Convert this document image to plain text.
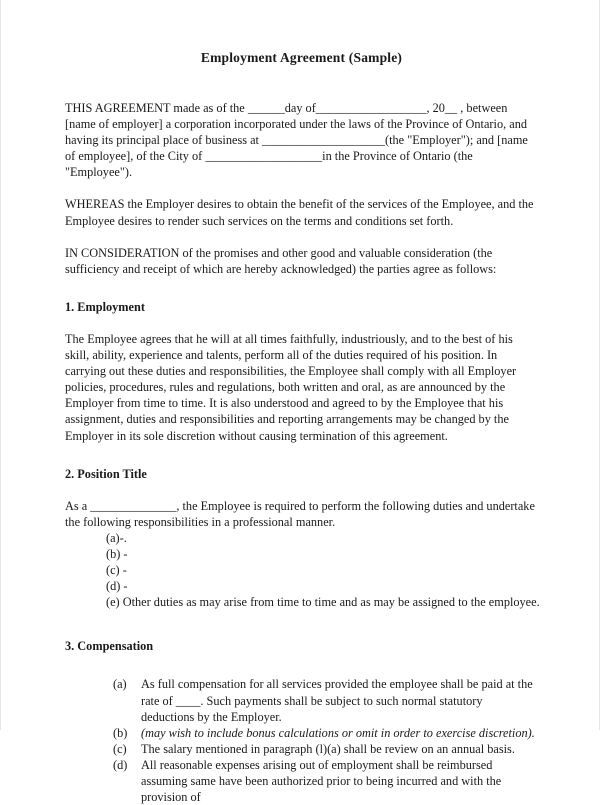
Employment Agreement (Sample)

THIS AGREEMENT made as of the ______day of__________________, 20__ , between [name of employer] a corporation incorporated under the laws of the Province of Ontario, and having its principal place of business at ____________________(the "Employer"); and [name of employee], of the City of ___________________in the Province of Ontario (the "Employee").

WHEREAS the Employer desires to obtain the benefit of the services of the Employee, and the Employee desires to render such services on the terms and conditions set forth.

IN CONSIDERATION of the promises and other good and valuable consideration (the sufficiency and receipt of which are hereby acknowledged) the parties agree as follows:

1. Employment

The Employee agrees that he will at all times faithfully, industriously, and to the best of his skill, ability, experience and talents, perform all of the duties required of his position. In carrying out these duties and responsibilities, the Employee shall comply with all Employer policies, procedures, rules and regulations, both written and oral, as are announced by the Employer from time to time. It is also understood and agreed to by the Employee that his assignment, duties and responsibilities and reporting arrangements may be changed by the Employer in its sole discretion without causing termination of this agreement.

2. Position Title

As a ______________, the Employee is required to perform the following duties and undertake the following responsibilities in a professional manner.

(a)-.
(b) -
(c) -
(d) -
(e) Other duties as may arise from time to time and as may be assigned to the employee.
3. Compensation
(a)	As full compensation for all services provided the employee shall be paid at the rate of ____. Such payments shall be subject to such normal statutory deductions by the Employer.
(b)	(may wish to include bonus calculations or omit in order to exercise discretion).
(c)	The salary mentioned in paragraph (l)(a) shall be review on an annual basis.
(d)	All reasonable expenses arising out of employment shall be reimbursed assuming same have been authorized prior to being incurred and with the provision of
